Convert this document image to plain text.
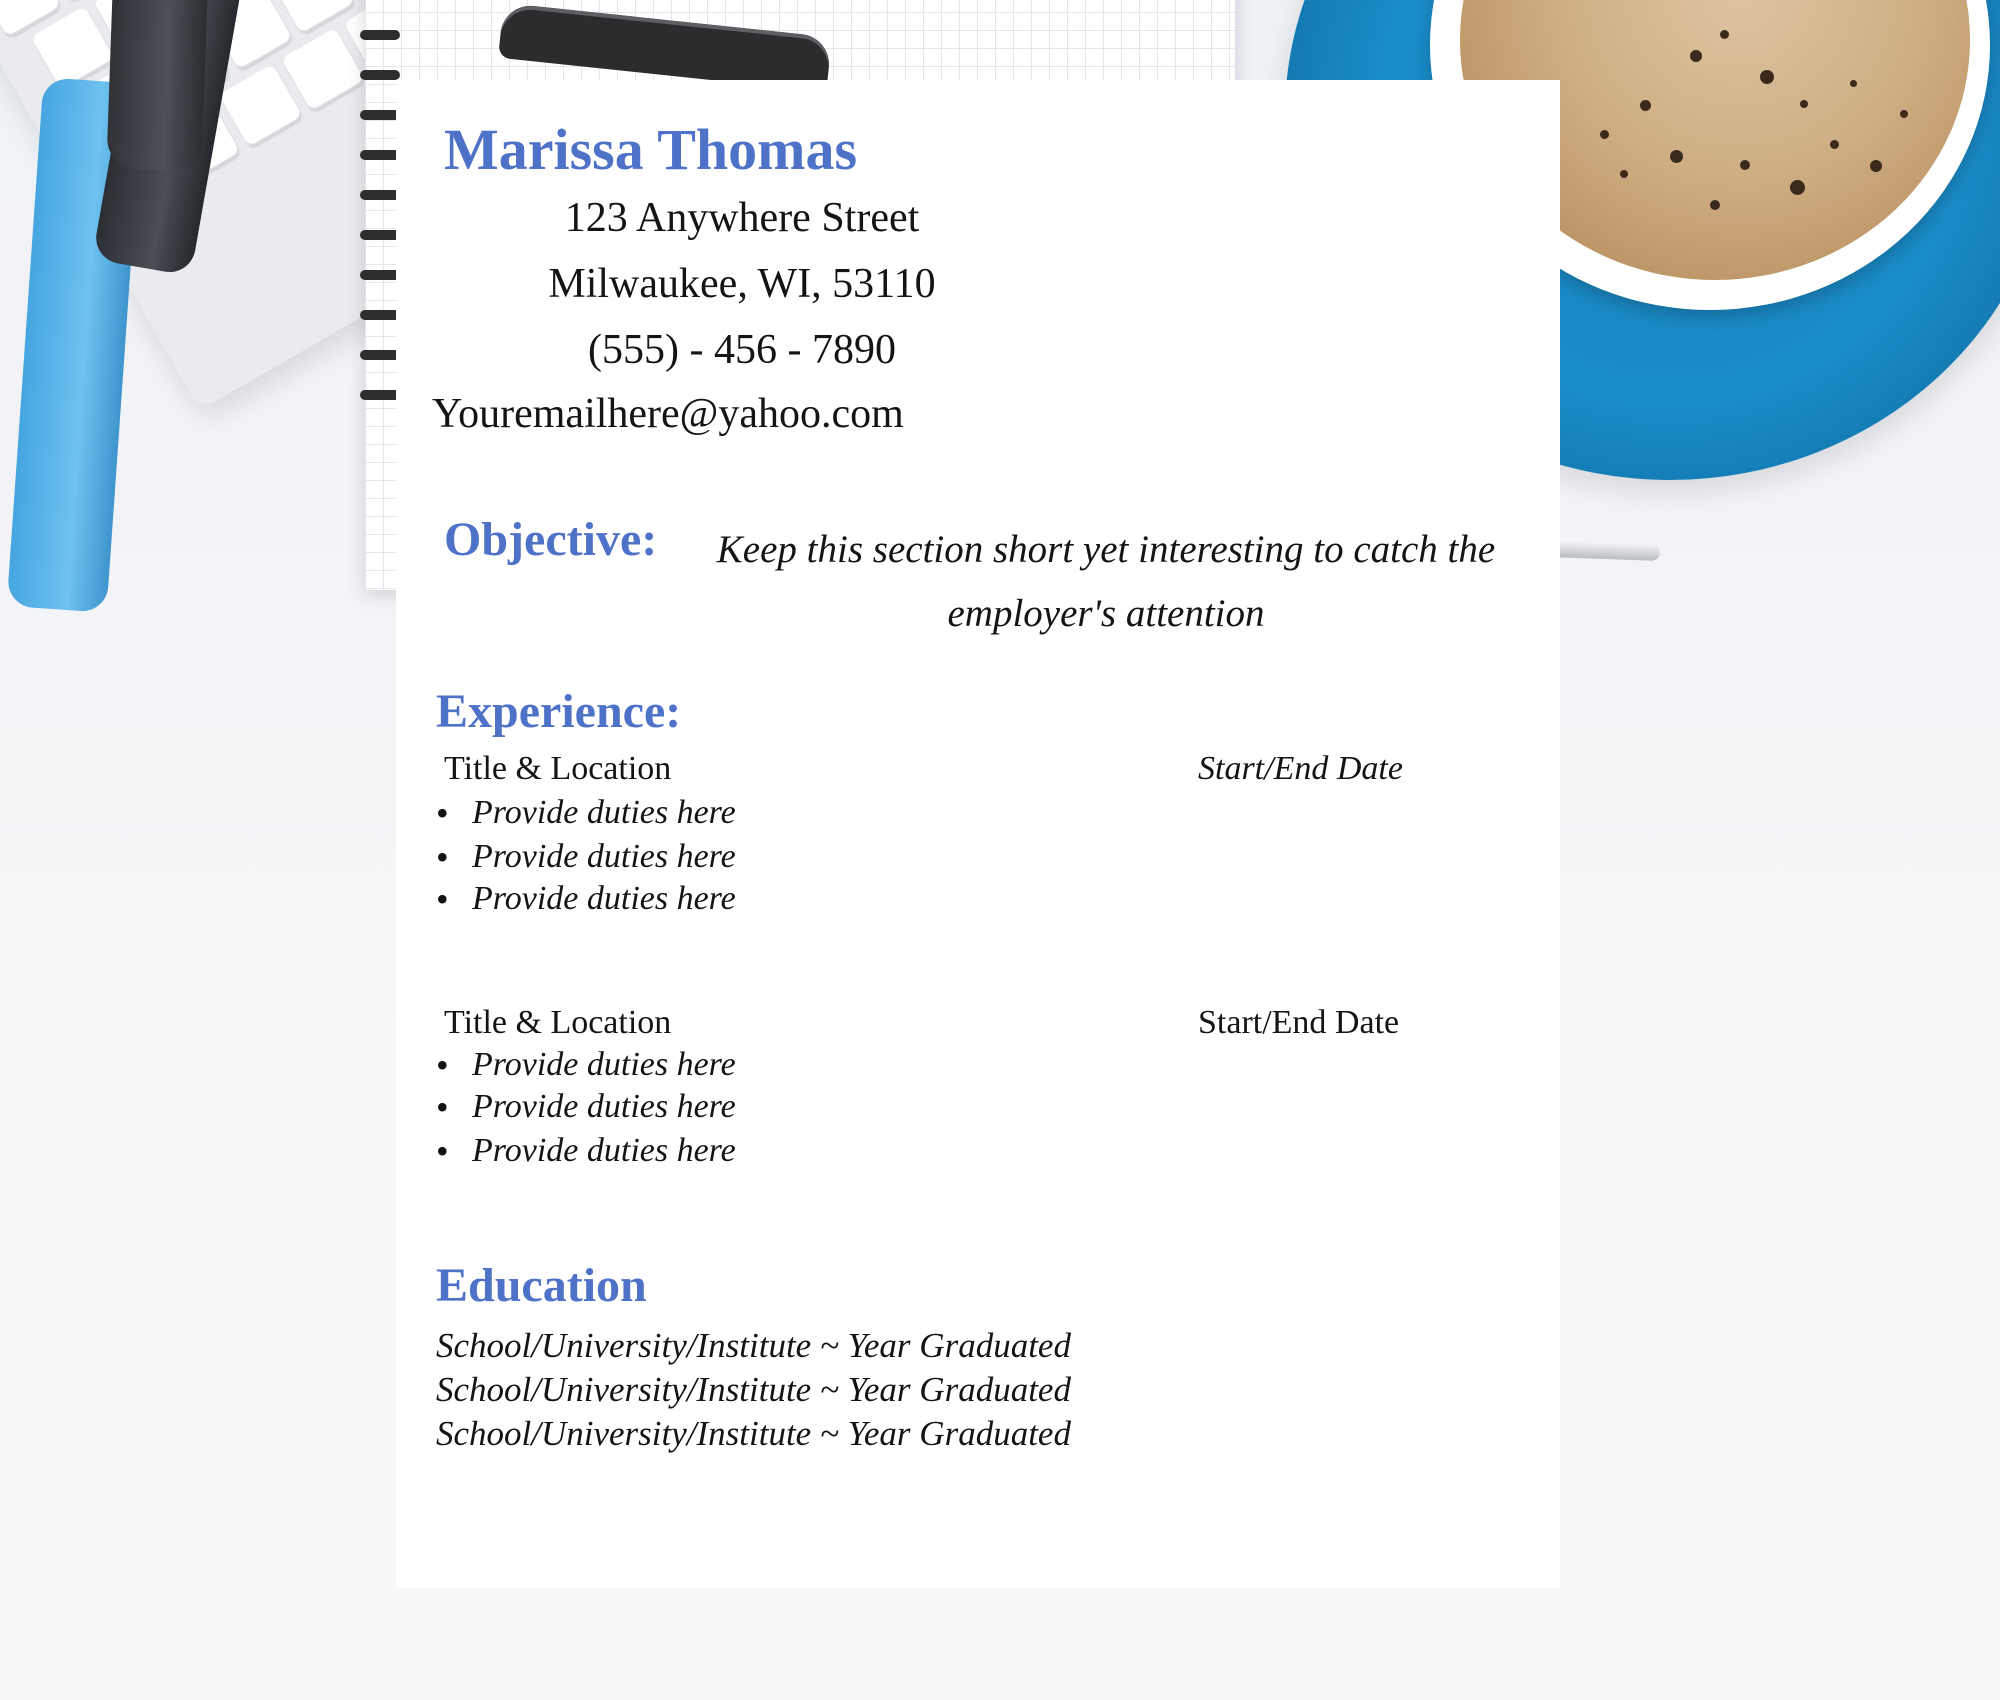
Marissa Thomas
123 Anywhere Street
Milwaukee, WI, 53110
(555) - 456 - 7890
Youremailhere@yahoo.com
Objective:	Keep this section short yet interesting to catch the employer's attention
Experience:
Title & Location	Start/End Date
• Provide duties here
• Provide duties here
• Provide duties here
Title & Location	Start/End Date
• Provide duties here
• Provide duties here
• Provide duties here
Education
School/University/Institute ~ Year Graduated
School/University/Institute ~ Year Graduated
School/University/Institute ~ Year Graduated
